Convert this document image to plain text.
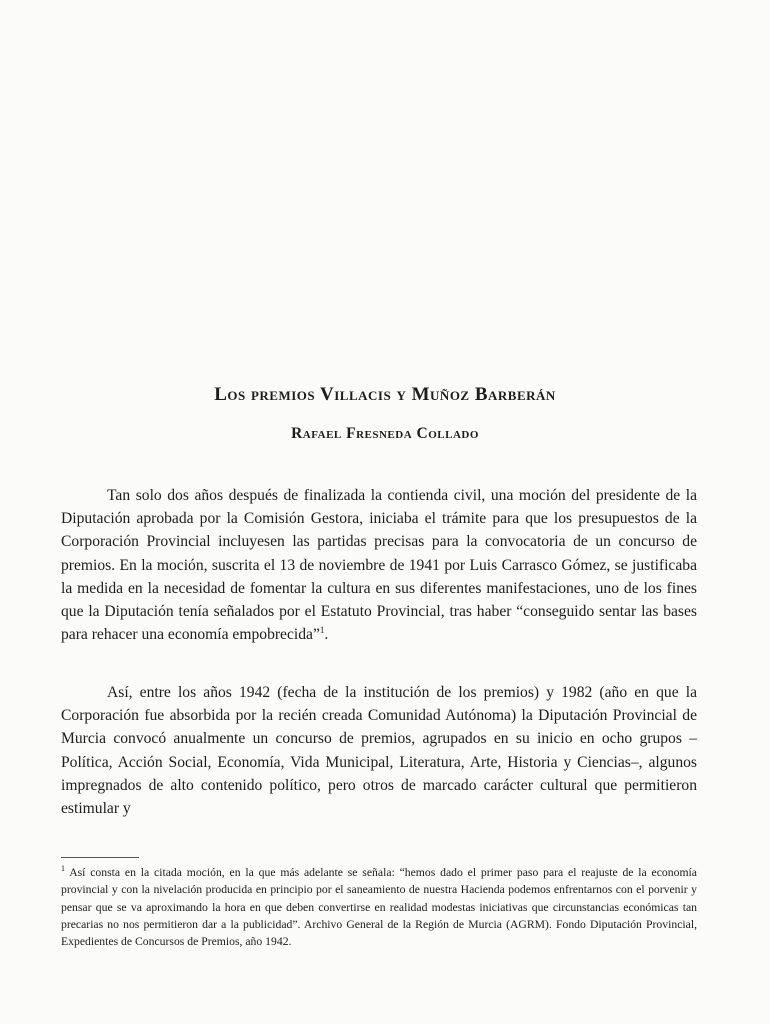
Los premios Villacis y Muñoz Barberán
Rafael Fresneda Collado

Tan solo dos años después de finalizada la contienda civil, una moción del presidente de la Diputación aprobada por la Comisión Gestora, iniciaba el trámite para que los presupuestos de la Corporación Provincial incluyesen las partidas precisas para la convocatoria de un concurso de premios. En la moción, suscrita el 13 de noviembre de 1941 por Luis Carrasco Gómez, se justificaba la medida en la necesidad de fomentar la cultura en sus diferentes manifestaciones, uno de los fines que la Diputación tenía señalados por el Estatuto Provincial, tras haber “conseguido sentar las bases para rehacer una economía empobrecida”$^1$.

Así, entre los años 1942 (fecha de la institución de los premios) y 1982 (año en que la Corporación fue absorbida por la recién creada Comunidad Autónoma) la Diputación Provincial de Murcia convocó anualmente un concurso de premios, agrupados en su inicio en ocho grupos –Política, Acción Social, Economía, Vida Municipal, Literatura, Arte, Historia y Ciencias–, algunos impregnados de alto contenido político, pero otros de marcado carácter cultural que permitieron estimular y

$^1$ Así consta en la citada moción, en la que más adelante se señala: “hemos dado el primer paso para el reajuste de la economía provincial y con la nivelación producida en principio por el saneamiento de nuestra Hacienda podemos enfrentarnos con el porvenir y pensar que se va aproximando la hora en que deben convertirse en realidad modestas iniciativas que circunstancias económicas tan precarias no nos permitieron dar a la publicidad”. Archivo General de la Región de Murcia (AGRM). Fondo Diputación Provincial, Expedientes de Concursos de Premios, año 1942.
